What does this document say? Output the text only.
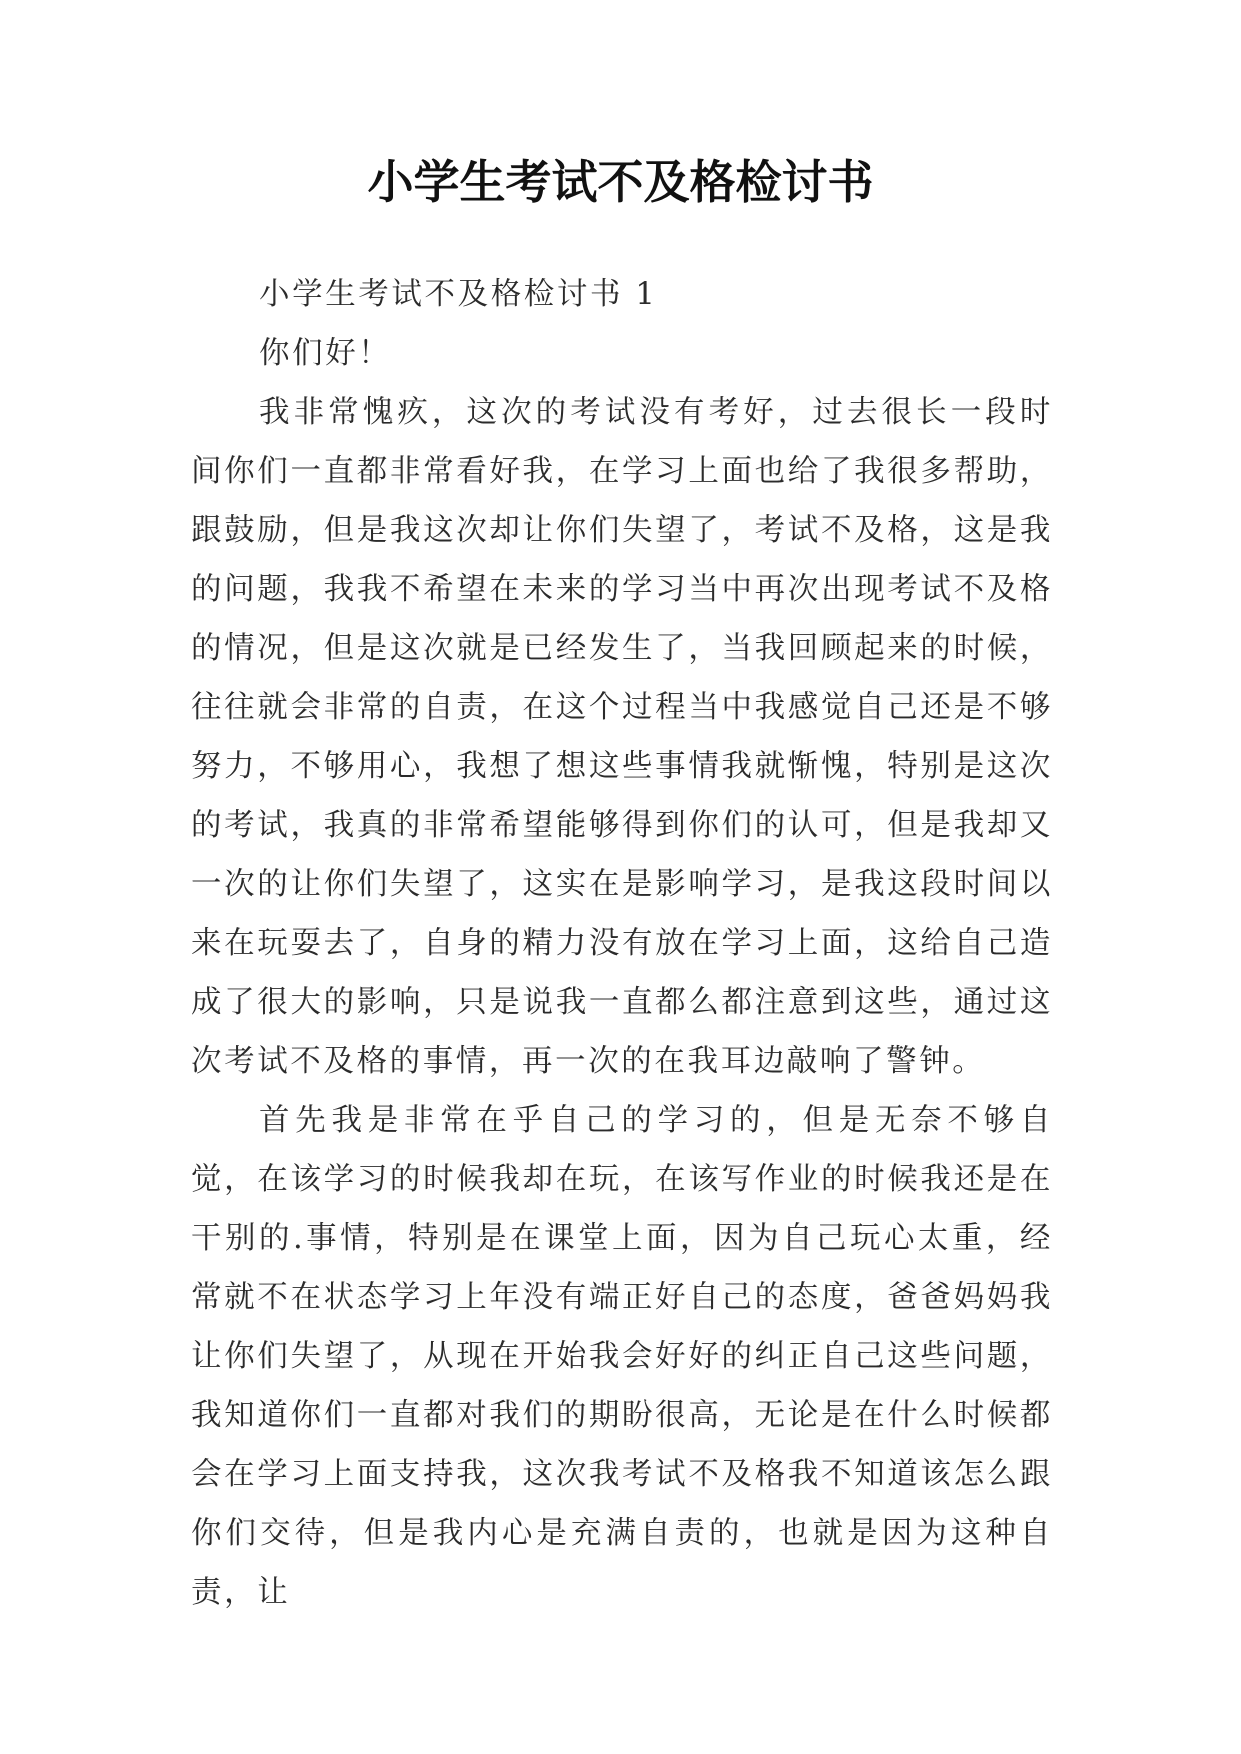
小学生考试不及格检讨书

小学生考试不及格检讨书 1

你们好！

我非常愧疚，这次的考试没有考好，过去很长一段时间你们一直都非常看好我，在学习上面也给了我很多帮助，跟鼓励，但是我这次却让你们失望了，考试不及格，这是我的问题，我我不希望在未来的学习当中再次出现考试不及格的情况，但是这次就是已经发生了，当我回顾起来的时候，往往就会非常的自责，在这个过程当中我感觉自己还是不够努力，不够用心，我想了想这些事情我就惭愧，特别是这次的考试，我真的非常希望能够得到你们的认可，但是我却又一次的让你们失望了，这实在是影响学习，是我这段时间以来在玩耍去了，自身的精力没有放在学习上面，这给自己造成了很大的影响，只是说我一直都么都注意到这些，通过这次考试不及格的事情，再一次的在我耳边敲响了警钟。

首先我是非常在乎自己的学习的，但是无奈不够自觉，在该学习的时候我却在玩，在该写作业的时候我还是在干别的.事情，特别是在课堂上面，因为自己玩心太重，经常就不在状态学习上年没有端正好自己的态度，爸爸妈妈我让你们失望了，从现在开始我会好好的纠正自己这些问题，我知道你们一直都对我们的期盼很高，无论是在什么时候都会在学习上面支持我，这次我考试不及格我不知道该怎么跟你们交待，但是我内心是充满自责的，也就是因为这种自责，让
